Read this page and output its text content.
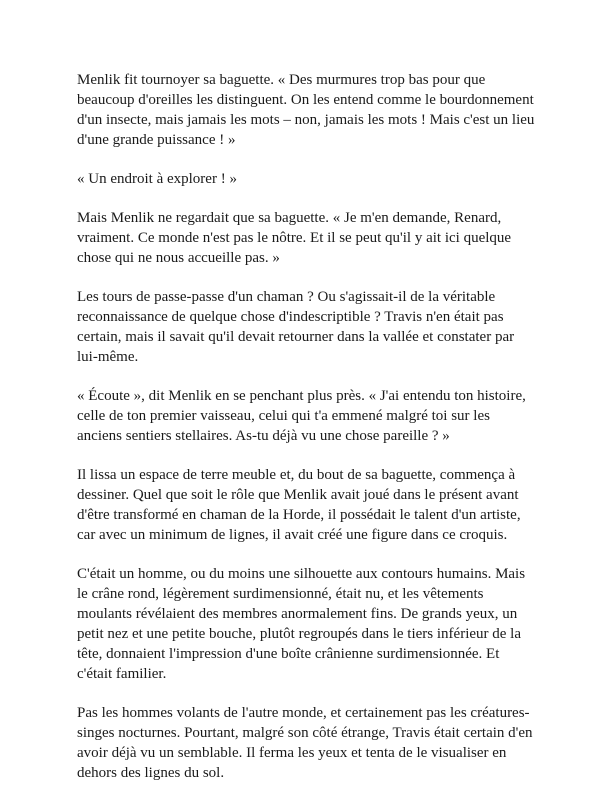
Menlik fit tournoyer sa baguette. « Des murmures trop bas pour que beaucoup d'oreilles les distinguent. On les entend comme le bourdonnement d'un insecte, mais jamais les mots – non, jamais les mots ! Mais c'est un lieu d'une grande puissance ! »

« Un endroit à explorer ! »

Mais Menlik ne regardait que sa baguette. « Je m'en demande, Renard, vraiment. Ce monde n'est pas le nôtre. Et il se peut qu'il y ait ici quelque chose qui ne nous accueille pas. »

Les tours de passe-passe d'un chaman ? Ou s'agissait-il de la véritable reconnaissance de quelque chose d'indescriptible ? Travis n'en était pas certain, mais il savait qu'il devait retourner dans la vallée et constater par lui-même.

« Écoute », dit Menlik en se penchant plus près. « J'ai entendu ton histoire, celle de ton premier vaisseau, celui qui t'a emmené malgré toi sur les anciens sentiers stellaires. As-tu déjà vu une chose pareille ? »

Il lissa un espace de terre meuble et, du bout de sa baguette, commença à dessiner. Quel que soit le rôle que Menlik avait joué dans le présent avant d'être transformé en chaman de la Horde, il possédait le talent d'un artiste, car avec un minimum de lignes, il avait créé une figure dans ce croquis.

C'était un homme, ou du moins une silhouette aux contours humains. Mais le crâne rond, légèrement surdimensionné, était nu, et les vêtements moulants révélaient des membres anormalement fins. De grands yeux, un petit nez et une petite bouche, plutôt regroupés dans le tiers inférieur de la tête, donnaient l'impression d'une boîte crânienne surdimensionnée. Et c'était familier.

Pas les hommes volants de l'autre monde, et certainement pas les créatures-singes nocturnes. Pourtant, malgré son côté étrange, Travis était certain d'en avoir déjà vu un semblable. Il ferma les yeux et tenta de le visualiser en dehors des lignes du sol.
